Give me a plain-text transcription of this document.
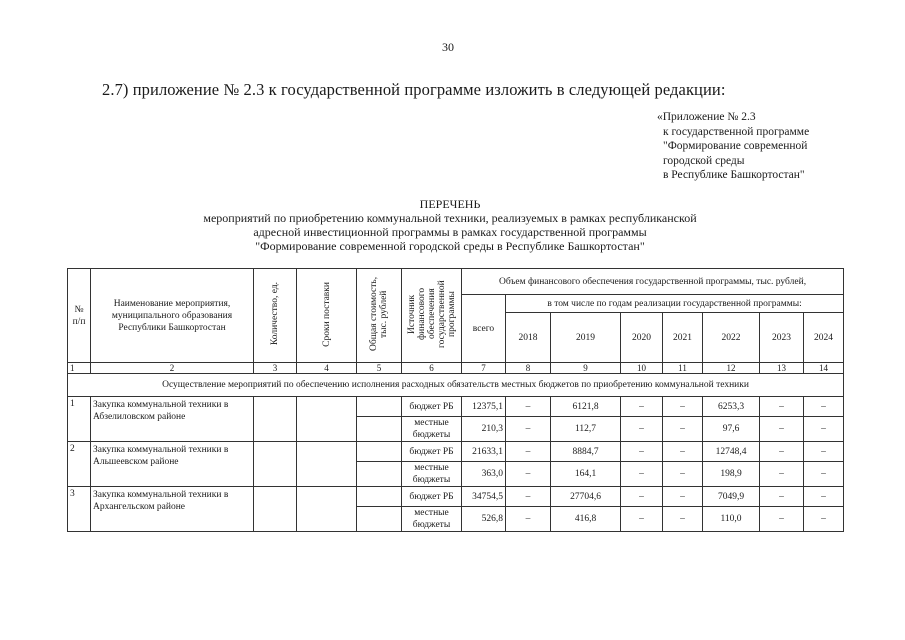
30
2.7) приложение № 2.3 к государственной программе изложить в следующей редакции:
«Приложение № 2.3
к государственной программе
"Формирование современной
городской среды
в Республике Башкортостан"
ПЕРЕЧЕНЬ
мероприятий по приобретению коммунальной техники, реализуемых в рамках республиканской
адресной инвестиционной программы в рамках государственной программы
"Формирование современной городской среды в Республике Башкортостан"
№ п/п	Наименование мероприятия, муниципального образования Республики Башкортостан	Количество, ед.	Сроки поставки	Общая стоимость, тыс. рублей	Источник финансового обеспечения государственной программы	Объем финансового обеспечения государственной программы, тыс. рублей,							
						всего	в том числе по годам реализации государственной программы:						
							2018	2019	2020	2021	2022	2023	2024
1	2	3	4	5	6	7	8	9	10	11	12	13	14
Осуществление мероприятий по обеспечению исполнения расходных обязательств местных бюджетов по приобретению коммунальной техники													
1	Закупка коммунальной техники в Абзелиловском районе				бюджет РБ	12375,1	–	6121,8	–	–	6253,3	–	–
					местные бюджеты	210,3	–	112,7	–	–	97,6	–	–
2	Закупка коммунальной техники в Альшеевском районе				бюджет РБ	21633,1	–	8884,7	–	–	12748,4	–	–
					местные бюджеты	363,0	–	164,1	–	–	198,9	–	–
3	Закупка коммунальной техники в Архангельском районе				бюджет РБ	34754,5	–	27704,6	–	–	7049,9	–	–
					местные бюджеты	526,8	–	416,8	–	–	110,0	–	–
